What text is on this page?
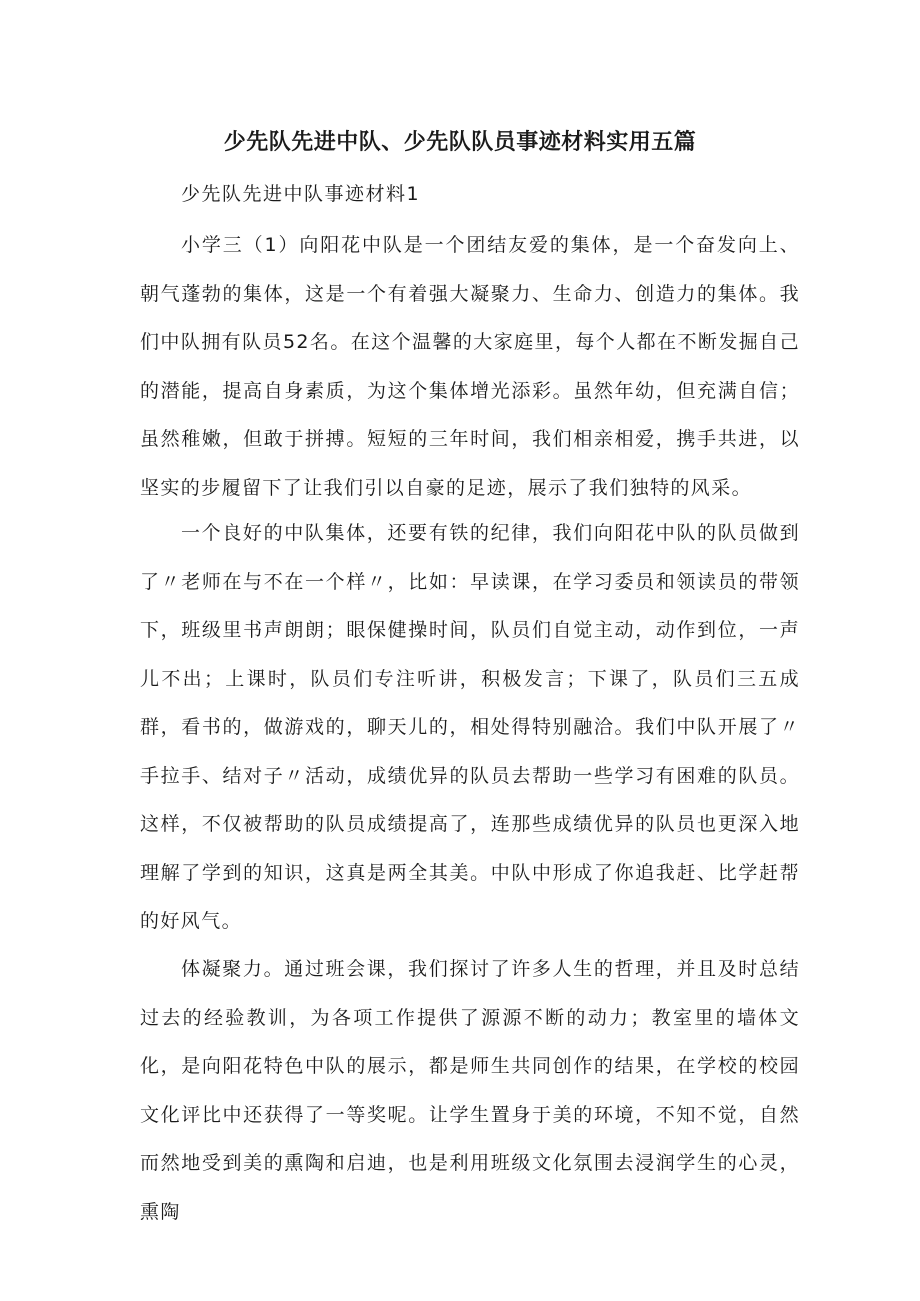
少先队先进中队、少先队队员事迹材料实用五篇
少先队先进中队事迹材料1

小学三（1）向阳花中队是一个团结友爱的集体，是一个奋发向上、朝气蓬勃的集体，这是一个有着强大凝聚力、生命力、创造力的集体。我们中队拥有队员52名。在这个温馨的大家庭里，每个人都在不断发掘自己的潜能，提高自身素质，为这个集体增光添彩。虽然年幼，但充满自信；虽然稚嫩，但敢于拼搏。短短的三年时间，我们相亲相爱，携手共进，以坚实的步履留下了让我们引以自豪的足迹，展示了我们独特的风采。

一个良好的中队集体，还要有铁的纪律，我们向阳花中队的队员做到了〃老师在与不在一个样〃，比如：早读课，在学习委员和领读员的带领下，班级里书声朗朗；眼保健操时间，队员们自觉主动，动作到位，一声儿不出；上课时，队员们专注听讲，积极发言；下课了，队员们三五成群，看书的，做游戏的，聊天儿的，相处得特别融洽。我们中队开展了〃手拉手、结对子〃活动，成绩优异的队员去帮助一些学习有困难的队员。这样，不仅被帮助的队员成绩提高了，连那些成绩优异的队员也更深入地理解了学到的知识，这真是两全其美。中队中形成了你追我赶、比学赶帮的好风气。

体凝聚力。通过班会课，我们探讨了许多人生的哲理，并且及时总结过去的经验教训，为各项工作提供了源源不断的动力；教室里的墙体文化，是向阳花特色中队的展示，都是师生共同创作的结果，在学校的校园文化评比中还获得了一等奖呢。让学生置身于美的环境，不知不觉，自然而然地受到美的熏陶和启迪，也是利用班级文化氛围去浸润学生的心灵，熏陶
